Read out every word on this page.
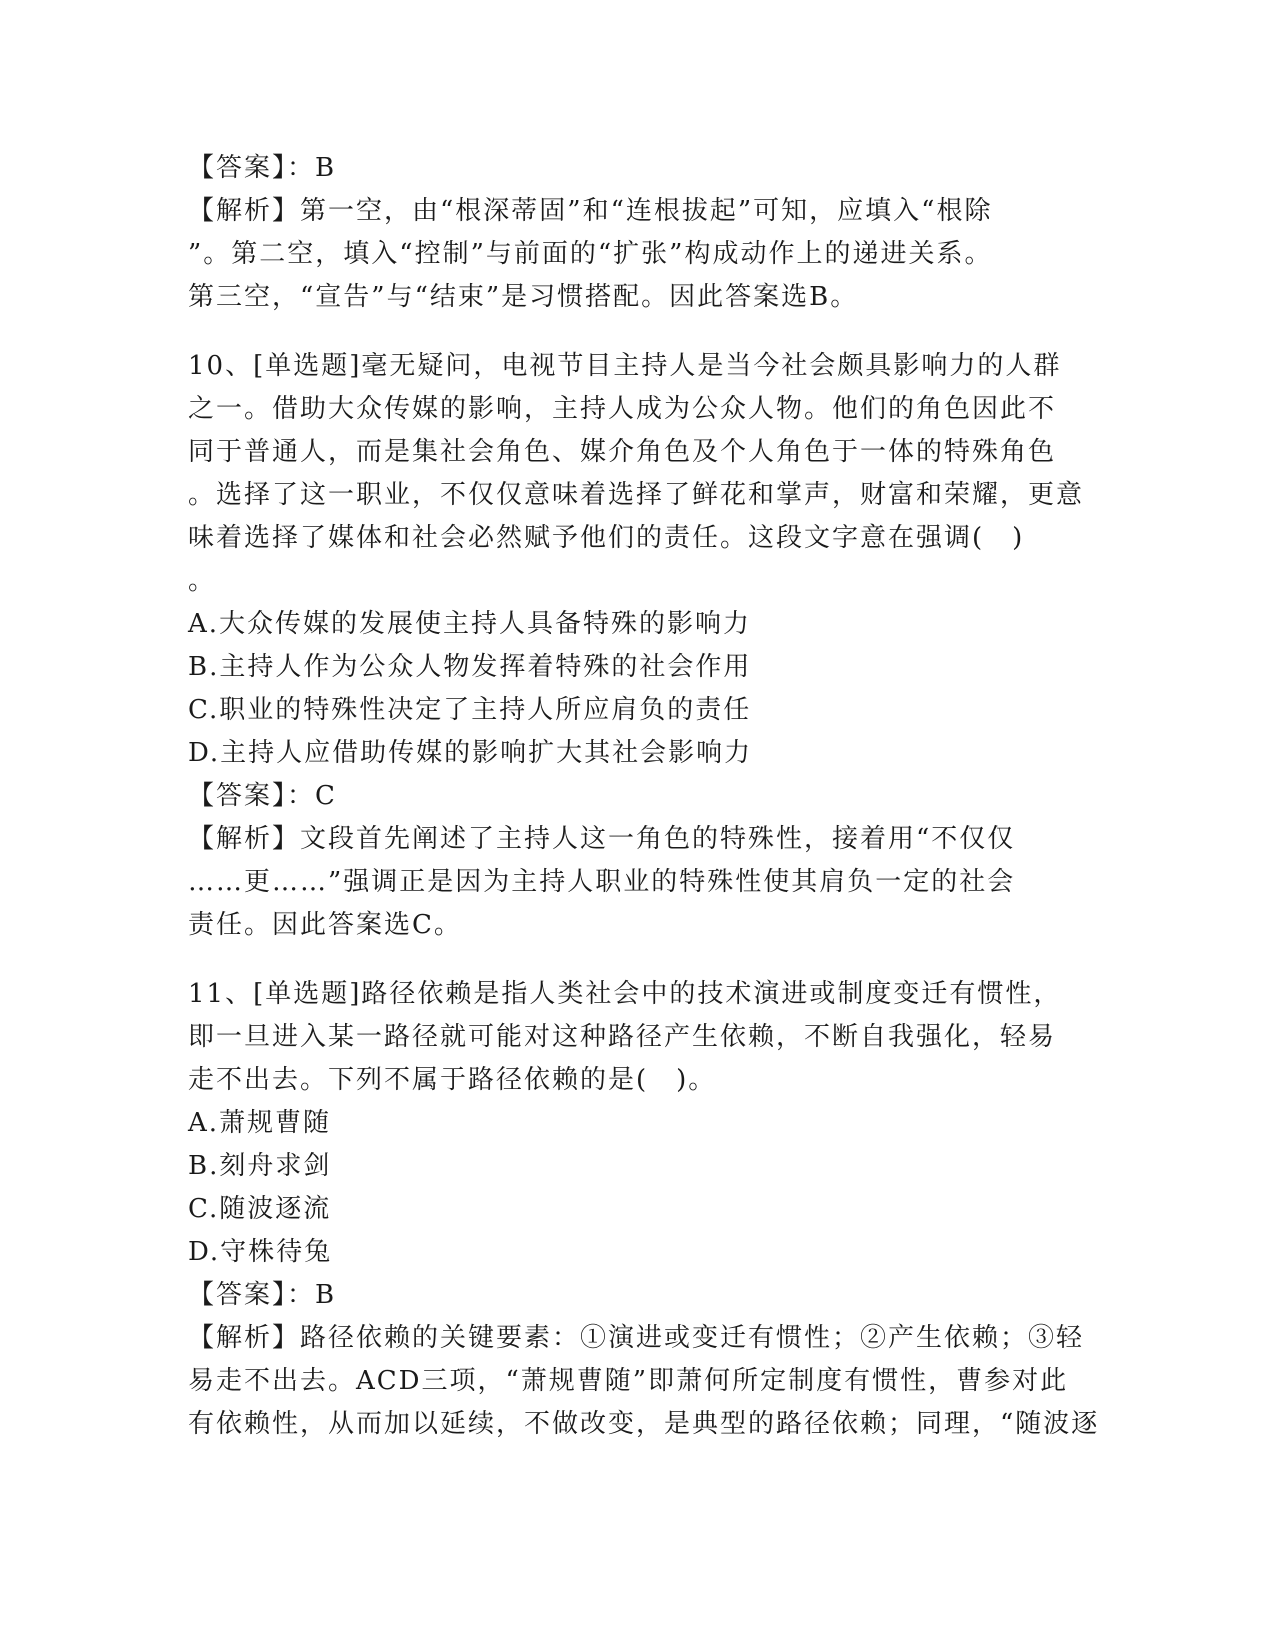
【答案】：B
【解析】第一空，由“根深蒂固”和“连根拔起”可知，应填入“根除
”。第二空，填入“控制”与前面的“扩张”构成动作上的递进关系。
第三空，“宣告”与“结束”是习惯搭配。因此答案选B。
10、[单选题]毫无疑问，电视节目主持人是当今社会颇具影响力的人群
之一。借助大众传媒的影响，主持人成为公众人物。他们的角色因此不
同于普通人，而是集社会角色、媒介角色及个人角色于一体的特殊角色
。选择了这一职业，不仅仅意味着选择了鲜花和掌声，财富和荣耀，更意
味着选择了媒体和社会必然赋予他们的责任。这段文字意在强调(　)
。
A.大众传媒的发展使主持人具备特殊的影响力
B.主持人作为公众人物发挥着特殊的社会作用
C.职业的特殊性决定了主持人所应肩负的责任
D.主持人应借助传媒的影响扩大其社会影响力
【答案】：C
【解析】文段首先阐述了主持人这一角色的特殊性，接着用“不仅仅
……更……”强调正是因为主持人职业的特殊性使其肩负一定的社会
责任。因此答案选C。
11、[单选题]路径依赖是指人类社会中的技术演进或制度变迁有惯性，
即一旦进入某一路径就可能对这种路径产生依赖，不断自我强化，轻易
走不出去。下列不属于路径依赖的是(　)。
A.萧规曹随
B.刻舟求剑
C.随波逐流
D.守株待兔
【答案】：B
【解析】路径依赖的关键要素：①演进或变迁有惯性；②产生依赖；③轻
易走不出去。ACD三项，“萧规曹随”即萧何所定制度有惯性，曹参对此
有依赖性，从而加以延续，不做改变，是典型的路径依赖；同理，“随波逐
